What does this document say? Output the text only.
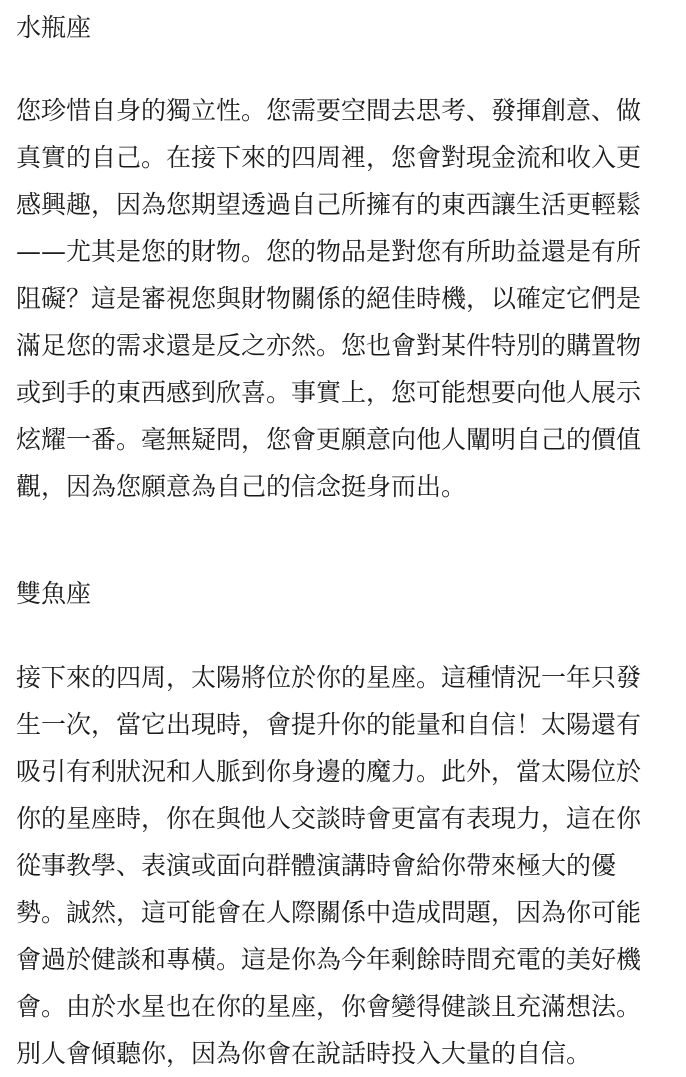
水瓶座
您珍惜自身的獨立性。您需要空間去思考、發揮創意、做
真實的自己。在接下來的四周裡，您會對現金流和收入更
感興趣，因為您期望透過自己所擁有的東西讓生活更輕鬆
——尤其是您的財物。您的物品是對您有所助益還是有所
阻礙？這是審視您與財物關係的絕佳時機，以確定它們是
滿足您的需求還是反之亦然。您也會對某件特別的購置物
或到手的東西感到欣喜。事實上，您可能想要向他人展示
炫耀一番。毫無疑問，您會更願意向他人闡明自己的價值
觀，因為您願意為自己的信念挺身而出。
雙魚座
接下來的四周，太陽將位於你的星座。這種情況一年只發
生一次，當它出現時，會提升你的能量和自信！太陽還有
吸引有利狀況和人脈到你身邊的魔力。此外，當太陽位於
你的星座時，你在與他人交談時會更富有表現力，這在你
從事教學、表演或面向群體演講時會給你帶來極大的優
勢。誠然，這可能會在人際關係中造成問題，因為你可能
會過於健談和專橫。這是你為今年剩餘時間充電的美好機
會。由於水星也在你的星座，你會變得健談且充滿想法。
別人會傾聽你，因為你會在說話時投入大量的自信。
